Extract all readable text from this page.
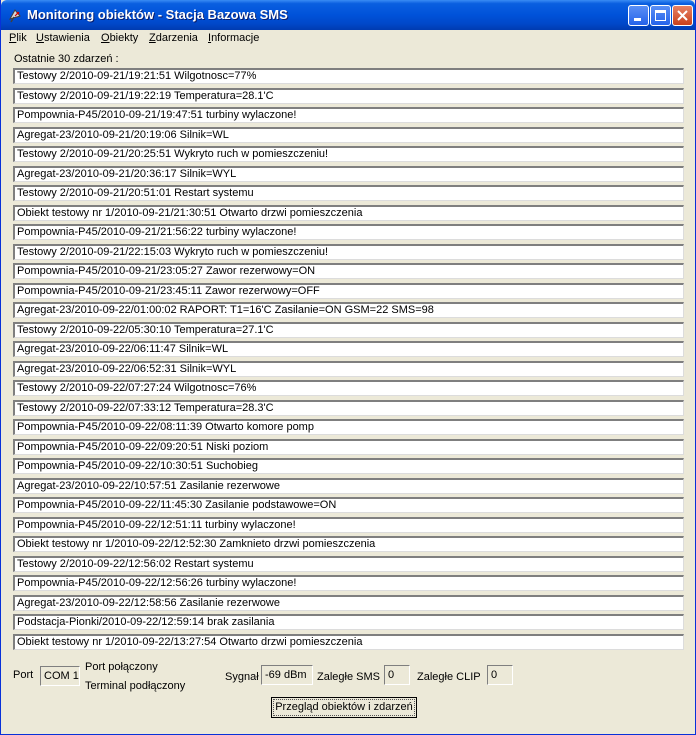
Monitoring obiektów - Stacja Bazowa SMS
Plik Ustawienia Obiekty Zdarzenia Informacje
Ostatnie 30 zdarzeń :
Testowy 2/2010-09-21/19:21:51 Wilgotnosc=77%
Testowy 2/2010-09-21/19:22:19 Temperatura=28.1'C
Pompownia-P45/2010-09-21/19:47:51 turbiny wylaczone!
Agregat-23/2010-09-21/20:19:06 Silnik=WL
Testowy 2/2010-09-21/20:25:51 Wykryto ruch w pomieszczeniu!
Agregat-23/2010-09-21/20:36:17 Silnik=WYL
Testowy 2/2010-09-21/20:51:01 Restart systemu
Obiekt testowy nr 1/2010-09-21/21:30:51 Otwarto drzwi pomieszczenia
Pompownia-P45/2010-09-21/21:56:22 turbiny wylaczone!
Testowy 2/2010-09-21/22:15:03 Wykryto ruch w pomieszczeniu!
Pompownia-P45/2010-09-21/23:05:27 Zawor rezerwowy=ON
Pompownia-P45/2010-09-21/23:45:11 Zawor rezerwowy=OFF
Agregat-23/2010-09-22/01:00:02 RAPORT: T1=16'C Zasilanie=ON GSM=22 SMS=98
Testowy 2/2010-09-22/05:30:10 Temperatura=27.1'C
Agregat-23/2010-09-22/06:11:47 Silnik=WL
Agregat-23/2010-09-22/06:52:31 Silnik=WYL
Testowy 2/2010-09-22/07:27:24 Wilgotnosc=76%
Testowy 2/2010-09-22/07:33:12 Temperatura=28.3'C
Pompownia-P45/2010-09-22/08:11:39 Otwarto komore pomp
Pompownia-P45/2010-09-22/09:20:51 Niski poziom
Pompownia-P45/2010-09-22/10:30:51 Suchobieg
Agregat-23/2010-09-22/10:57:51 Zasilanie rezerwowe
Pompownia-P45/2010-09-22/11:45:30 Zasilanie podstawowe=ON
Pompownia-P45/2010-09-22/12:51:11 turbiny wylaczone!
Obiekt testowy nr 1/2010-09-22/12:52:30 Zamknieto drzwi pomieszczenia
Testowy 2/2010-09-22/12:56:02 Restart systemu
Pompownia-P45/2010-09-22/12:56:26 turbiny wylaczone!
Agregat-23/2010-09-22/12:58:56 Zasilanie rezerwowe
Podstacja-Pionki/2010-09-22/12:59:14 brak zasilania
Obiekt testowy nr 1/2010-09-22/13:27:54 Otwarto drzwi pomieszczenia
Port COM 1
Port połączony
Terminal podłączony
Sygnał -69 dBm Zaległe SMS 0	Zaległe CLIP 0
Przegląd obiektów i zdarzeń
